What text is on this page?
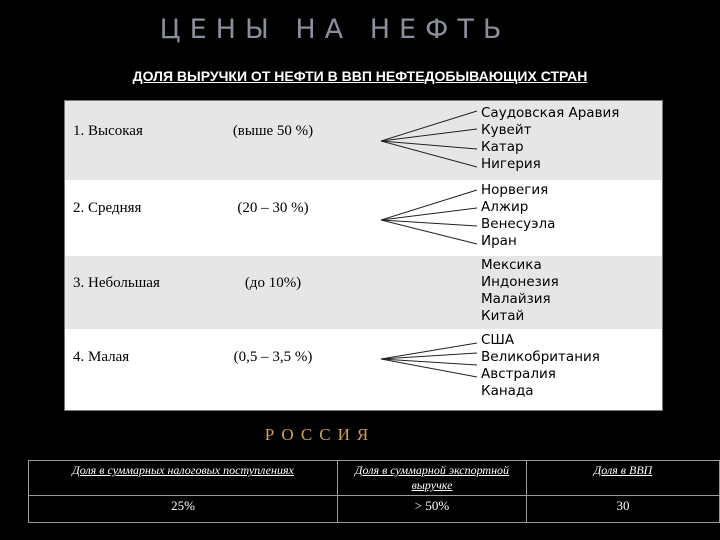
ЦЕНЫ НА НЕФТЬ
ДОЛЯ ВЫРУЧКИ ОТ НЕФТИ В ВВП НЕФТЕДОБЫВАЮЩИХ СТРАН
1. Высокая	(выше 50 %)
Саудовская Аравия
Кувейт
Катар
Нигерия
2. Средняя	(20 – 30 %)
Норвегия
Алжир
Венесуэла
Иран
3. Небольшая	(до 10%)
Мексика
Индонезия
Малайзия
Китай
4. Малая	(0,5 – 3,5 %)
США
Великобритания
Австралия
Канада
РОССИЯ
Доля в суммарных налоговых поступлениях	Доля в суммарной экспортной выручке	Доля в ВВП
25%	> 50%	30
